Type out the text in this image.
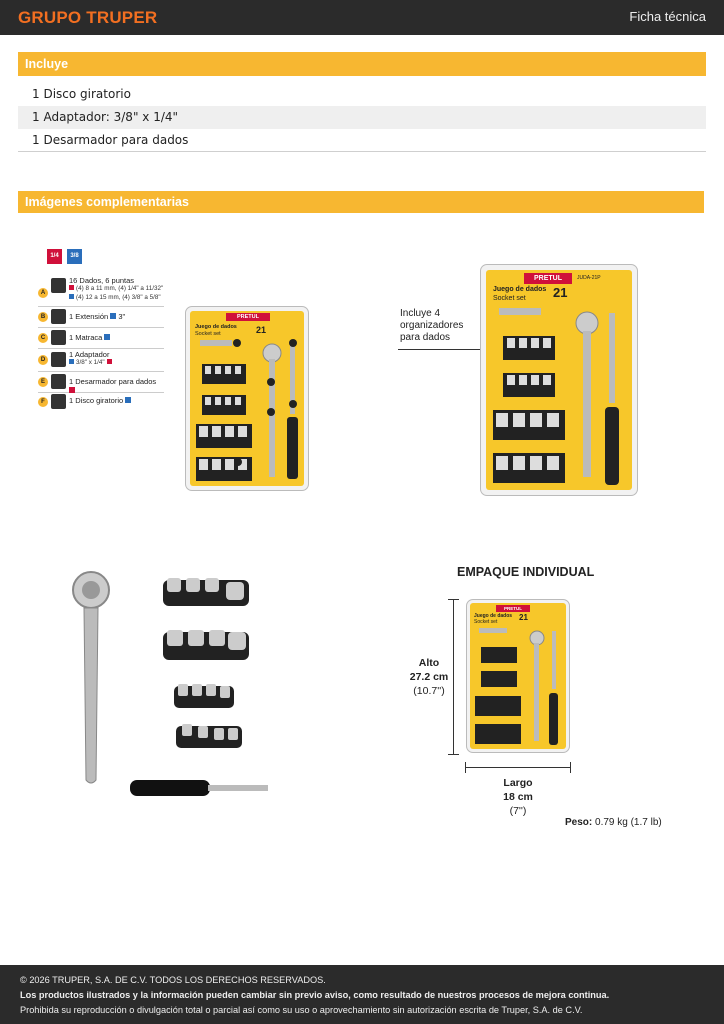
GRUPO TRUPER	Ficha técnica
Incluye
1 Disco giratorio
1 Adaptador: 3/8" x 1/4"
1 Desarmador para dados
Imágenes complementarias
1/4	3/8
A
16 Dados, 6 puntas
(4) 8 a 11 mm, (4) 1/4" a 11/32"
(4) 12 a 15 mm, (4) 3/8" a 5/8"
B	1 Extensión 3"
C	1 Matraca
D
1 Adaptador
3/8" x 1/4"
E	1 Desarmador para dados
F	1 Disco giratorio
PRETUL
Juego de dados
Socket set	21
Incluye 4
organizadores
para dados
PRETUL	JUDA-21P
Juego de dados
Socket set 21
EMPAQUE INDIVIDUAL
Alto
27.2 cm
(10.7'')
PRETUL
Juego de dados
Socket set	21
Largo
18 cm
(7'')
Peso: 0.79 kg (1.7 lb)
© 2026 TRUPER, S.A. DE C.V. TODOS LOS DERECHOS RESERVADOS.
Los productos ilustrados y la información pueden cambiar sin previo aviso, como resultado de nuestros procesos de mejora continua.
Prohibida su reproducción o divulgación total o parcial así como su uso o aprovechamiento sin autorización escrita de Truper, S.A. de C.V.
